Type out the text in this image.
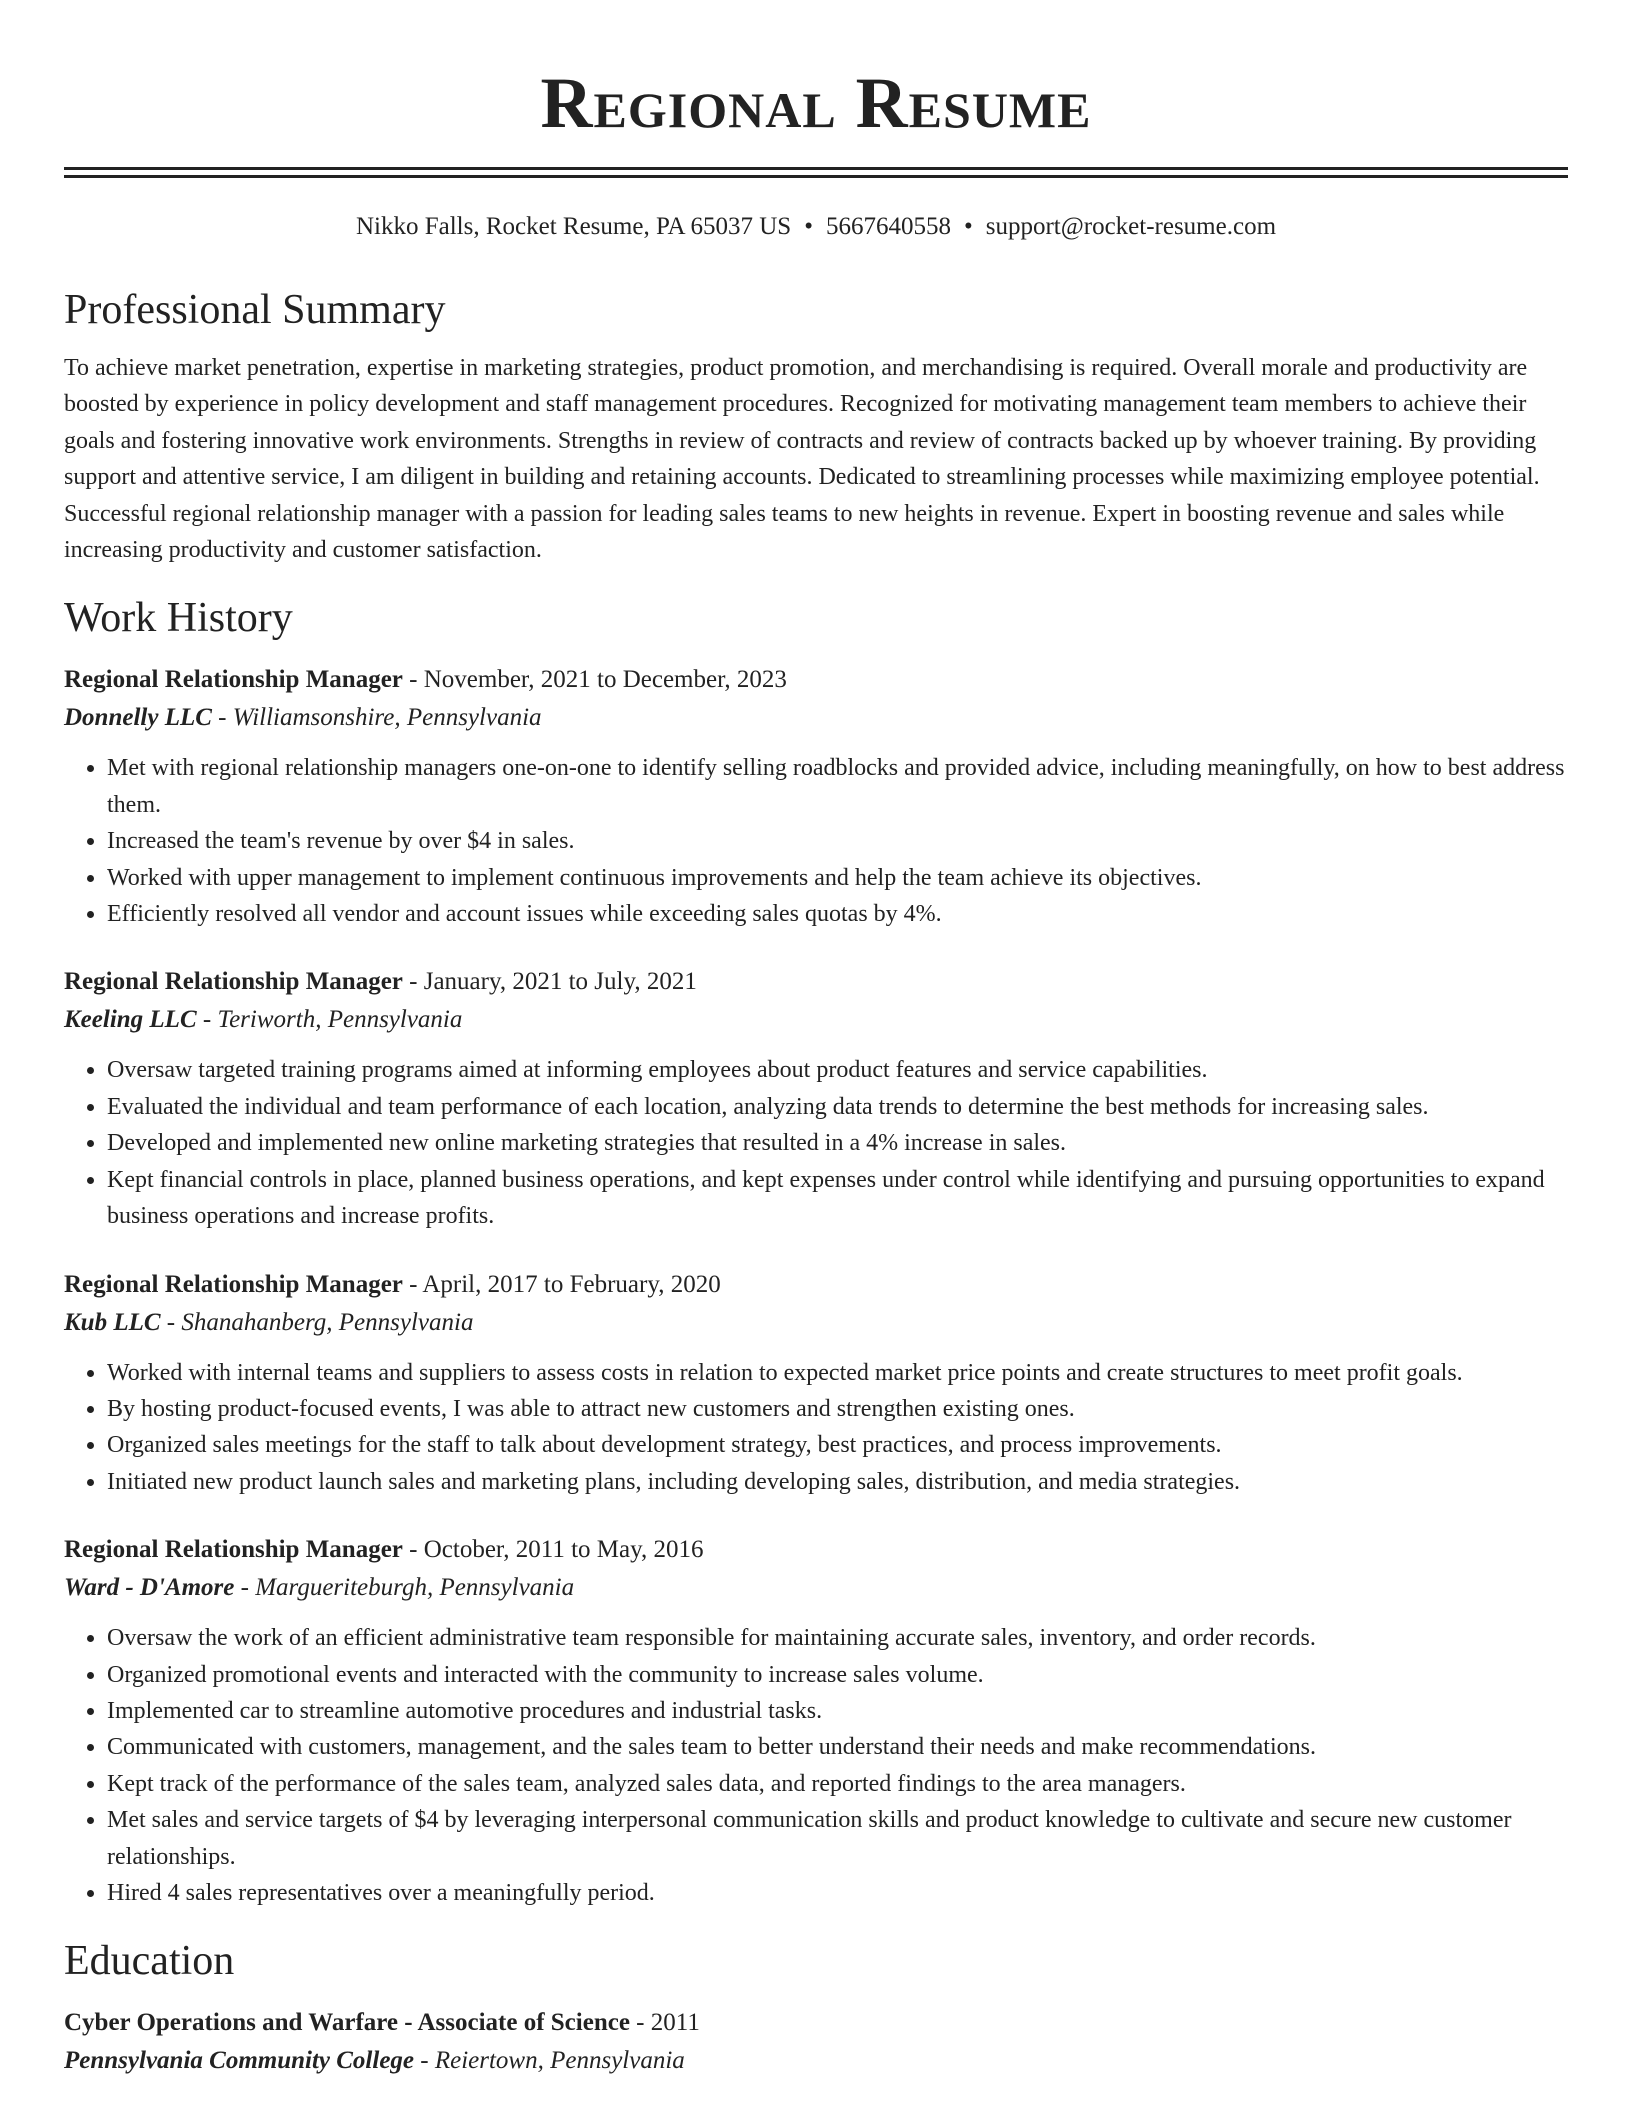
Regional Resume
Nikko Falls, Rocket Resume, PA 65037 US • 5667640558 • support@rocket-resume.com
Professional Summary

To achieve market penetration, expertise in marketing strategies, product promotion, and merchandising is required. Overall morale and productivity are boosted by experience in policy development and staff management procedures. Recognized for motivating management team members to achieve their goals and fostering innovative work environments. Strengths in review of contracts and review of contracts backed up by whoever training. By providing support and attentive service, I am diligent in building and retaining accounts. Dedicated to streamlining processes while maximizing employee potential. Successful regional relationship manager with a passion for leading sales teams to new heights in revenue. Expert in boosting revenue and sales while increasing productivity and customer satisfaction.

Work History
Regional Relationship Manager - November, 2021 to December, 2023
Donnelly LLC - Williamsonshire, Pennsylvania
• Met with regional relationship managers one-on-one to identify selling roadblocks and provided advice, including meaningfully, on how to best address them.
• Increased the team's revenue by over $4 in sales.
• Worked with upper management to implement continuous improvements and help the team achieve its objectives.
• Efficiently resolved all vendor and account issues while exceeding sales quotas by 4%.
Regional Relationship Manager - January, 2021 to July, 2021
Keeling LLC - Teriworth, Pennsylvania
• Oversaw targeted training programs aimed at informing employees about product features and service capabilities.
• Evaluated the individual and team performance of each location, analyzing data trends to determine the best methods for increasing sales.
• Developed and implemented new online marketing strategies that resulted in a 4% increase in sales.
• Kept financial controls in place, planned business operations, and kept expenses under control while identifying and pursuing opportunities to expand business operations and increase profits.
Regional Relationship Manager - April, 2017 to February, 2020
Kub LLC - Shanahanberg, Pennsylvania
• Worked with internal teams and suppliers to assess costs in relation to expected market price points and create structures to meet profit goals.
• By hosting product-focused events, I was able to attract new customers and strengthen existing ones.
• Organized sales meetings for the staff to talk about development strategy, best practices, and process improvements.
• Initiated new product launch sales and marketing plans, including developing sales, distribution, and media strategies.
Regional Relationship Manager - October, 2011 to May, 2016
Ward - D'Amore - Margueriteburgh, Pennsylvania
• Oversaw the work of an efficient administrative team responsible for maintaining accurate sales, inventory, and order records.
• Organized promotional events and interacted with the community to increase sales volume.
• Implemented car to streamline automotive procedures and industrial tasks.
• Communicated with customers, management, and the sales team to better understand their needs and make recommendations.
• Kept track of the performance of the sales team, analyzed sales data, and reported findings to the area managers.
• Met sales and service targets of $4 by leveraging interpersonal communication skills and product knowledge to cultivate and secure new customer relationships.
• Hired 4 sales representatives over a meaningfully period.
Education
Cyber Operations and Warfare - Associate of Science - 2011
Pennsylvania Community College - Reiertown, Pennsylvania
